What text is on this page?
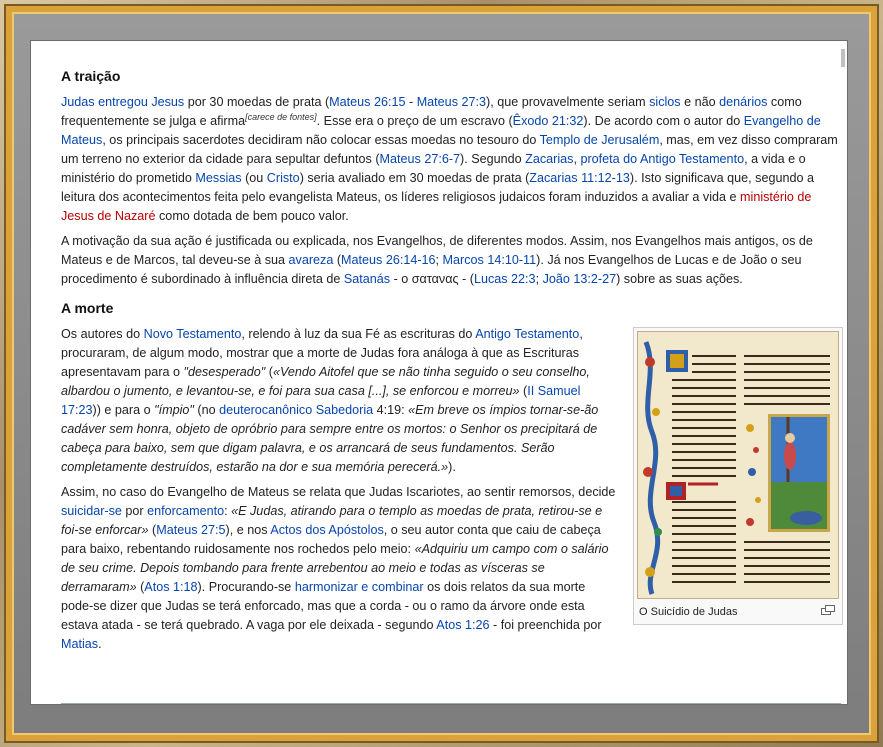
A traição

Judas entregou Jesus por 30 moedas de prata (Mateus 26:15 - Mateus 27:3), que provavelmente seriam siclos e não denários como frequentemente se julga e afirma[carece de fontes]. Esse era o preço de um escravo (Êxodo 21:32). De acordo com o autor do Evangelho de Mateus, os principais sacerdotes decidiram não colocar essas moedas no tesouro do Templo de Jerusalém, mas, em vez disso compraram um terreno no exterior da cidade para sepultar defuntos (Mateus 27:6-7). Segundo Zacarias, profeta do Antigo Testamento, a vida e o ministério do prometido Messias (ou Cristo) seria avaliado em 30 moedas de prata (Zacarias 11:12-13). Isto significava que, segundo a leitura dos acontecimentos feita pelo evangelista Mateus, os líderes religiosos judaicos foram induzidos a avaliar a vida e ministério de Jesus de Nazaré como dotada de bem pouco valor.

A motivação da sua ação é justificada ou explicada, nos Evangelhos, de diferentes modos. Assim, nos Evangelhos mais antigos, os de Mateus e de Marcos, tal deveu-se à sua avareza (Mateus 26:14-16; Marcos 14:10-11). Já nos Evangelhos de Lucas e de João o seu procedimento é subordinado à influência direta de Satanás - o σατανας - (Lucas 22:3; João 13:2-27) sobre as suas ações.

A morte
O Suicídio de Judas

Os autores do Novo Testamento, relendo à luz da sua Fé as escrituras do Antigo Testamento, procuraram, de algum modo, mostrar que a morte de Judas fora análoga à que as Escrituras apresentavam para o "desesperado" («Vendo Aitofel que se não tinha seguido o seu conselho, albardou o jumento, e levantou-se, e foi para sua casa [...], se enforcou e morreu» (II Samuel 17:23)) e para o "ímpio" (no deuterocanônico Sabedoria 4:19: «Em breve os ímpios tornar-se-ão cadáver sem honra, objeto de opróbrio para sempre entre os mortos: o Senhor os precipitará de cabeça para baixo, sem que digam palavra, e os arrancará de seus fundamentos. Serão completamente destruídos, estarão na dor e sua memória perecerá.»).

Assim, no caso do Evangelho de Mateus se relata que Judas Iscariotes, ao sentir remorsos, decide suicidar-se por enforcamento: «E Judas, atirando para o templo as moedas de prata, retirou-se e foi-se enforcar» (Mateus 27:5), e nos Actos dos Apóstolos, o seu autor conta que caiu de cabeça para baixo, rebentando ruidosamente nos rochedos pelo meio: «Adquiriu um campo com o salário de seu crime. Depois tombando para frente arrebentou ao meio e todas as vísceras se derramaram» (Atos 1:18). Procurando-se harmonizar e combinar os dois relatos da sua morte pode-se dizer que Judas se terá enforcado, mas que a corda - ou o ramo da árvore onde esta estava atada - se terá quebrado. A vaga por ele deixada - segundo Atos 1:26 - foi preenchida por Matias.
